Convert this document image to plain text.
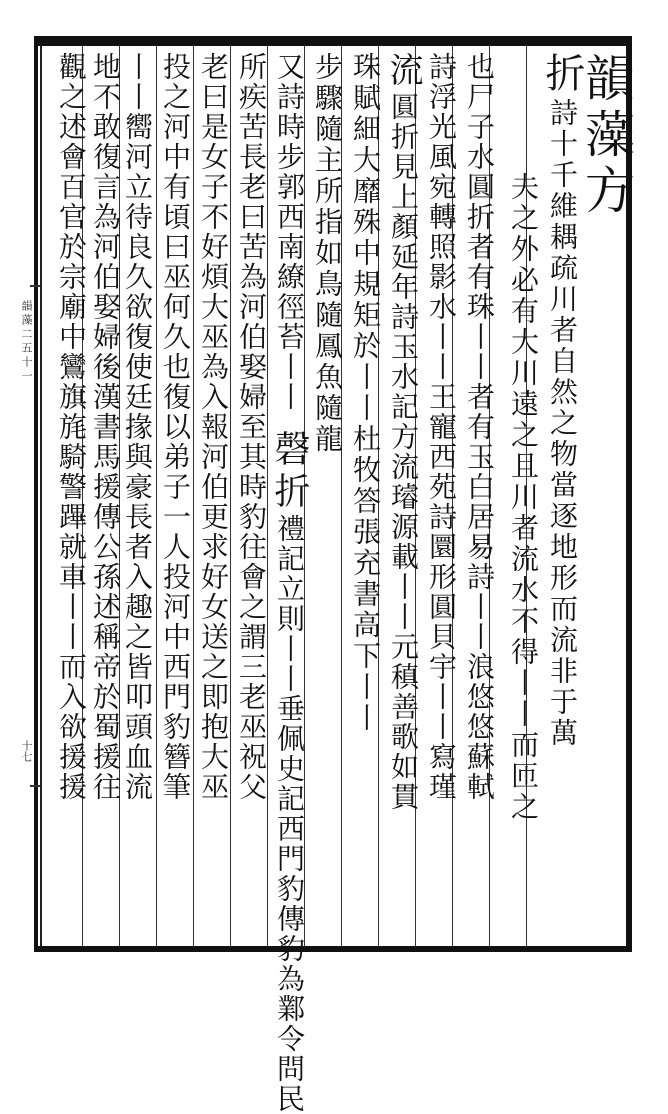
韻藻二五十一
十七
韻藻方
折詩十千維耦疏川者自然之物當逐地形而流非于萬
夫之外必有大川遠之且川者流水不得丨丨而匝之
也尸子水圓折者有珠丨丨者有玉白居易詩丨丨浪悠悠蘇軾
詩浮光風宛轉照影水丨丨王寵西苑詩圜形圓貝宇丨丨寫瑾
流圓折見上顏延年詩玉水記方流璿源載丨丨元稹善歌如貫
珠賦細大靡殊中規矩於丨丨杜牧答張充書高下丨丨
步驟隨主所指如鳥隨鳳魚隨龍
又詩時步郭西南繚徑苔丨丨磬折禮記立則丨丨垂佩史記西門豹傳豹為鄴令問民
所疾苦長老曰苦為河伯娶婦至其時豹往會之謂三老巫祝父
老曰是女子不好煩大巫為入報河伯更求好女送之即抱大巫
投之河中有頃曰巫何久也復以弟子一人投河中西門豹簪筆
丨丨嚮河立待良久欲復使廷掾與豪長者入趣之皆叩頭血流
地不敢復言為河伯娶婦後漢書馬援傳公孫述稱帝於蜀援往
觀之述會百官於宗廟中鸞旗旄騎警蹕就車丨丨而入欲援援
